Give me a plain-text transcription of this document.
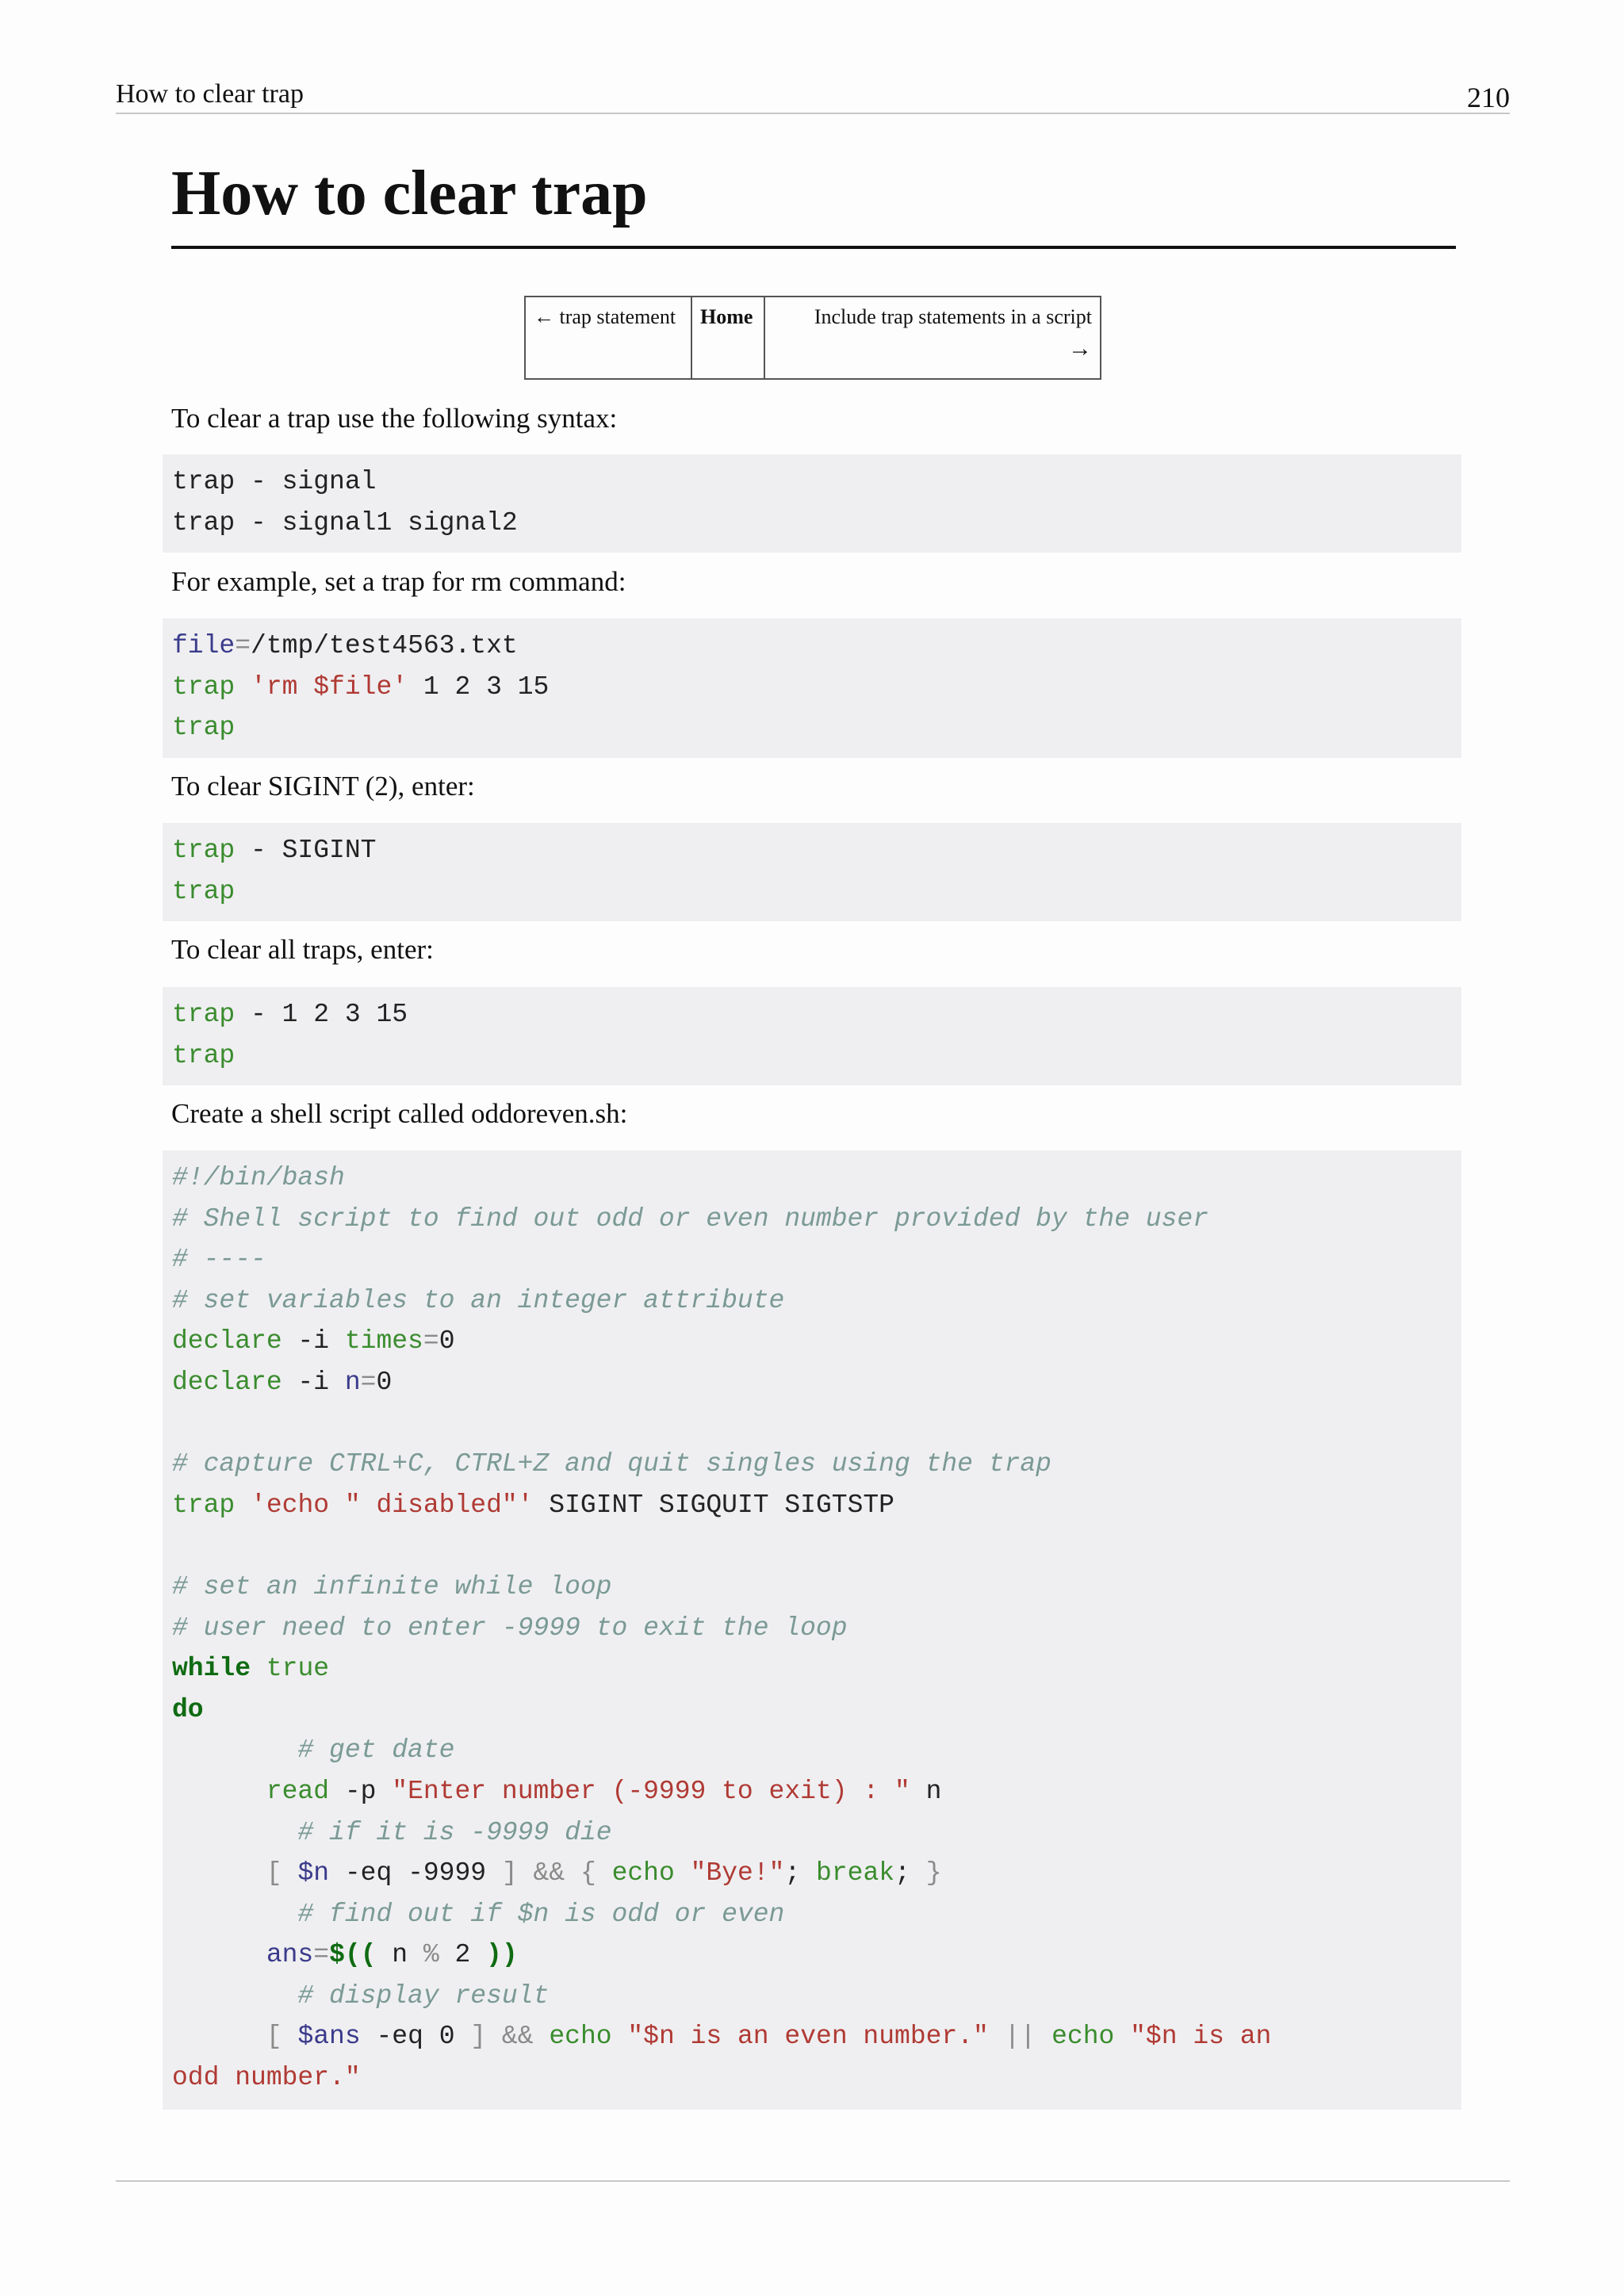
How to clear trap	210
How to clear trap
← trap statement	Home	Include trap statements in a script
→

To clear a trap use the following syntax:

trap - signal
trap - signal1 signal2

For example, set a trap for rm command:

file=/tmp/test4563.txt
trap 'rm $file' 1 2 3 15
trap

To clear SIGINT (2), enter:

trap - SIGINT
trap

To clear all traps, enter:

trap - 1 2 3 15
trap

Create a shell script called oddoreven.sh:

#!/bin/bash
# Shell script to find out odd or even number provided by the user
# ----
# set variables to an integer attribute
declare -i times=0
declare -i n=0
# capture CTRL+C, CTRL+Z and quit singles using the trap
trap 'echo " disabled"' SIGINT SIGQUIT SIGTSTP
# set an infinite while loop
# user need to enter -9999 to exit the loop
while true
do
# get date
read -p "Enter number (-9999 to exit) : " n
# if it is -9999 die
[ $n -eq -9999 ] && { echo "Bye!"; break; }
# find out if $n is odd or even
ans=$(( n % 2 ))
# display result
[ $ans -eq 0 ] && echo "$n is an even number." || echo "$n is an
odd number."
